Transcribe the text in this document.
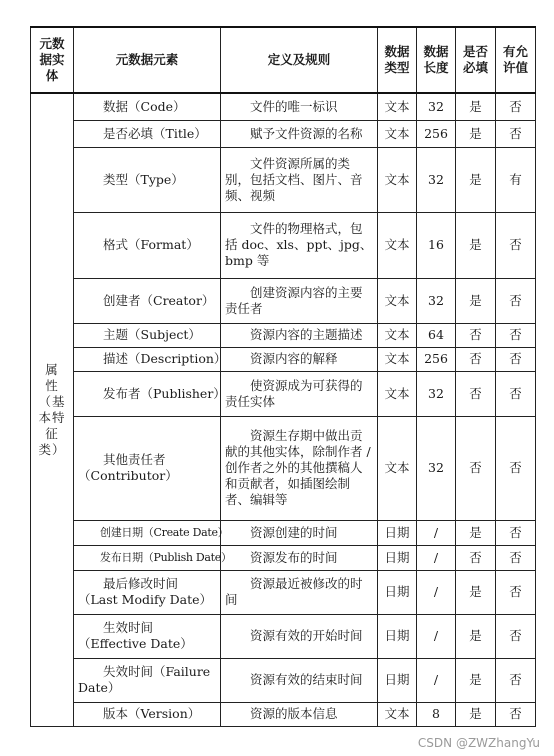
元数据实体	元数据元素	定义及规则	数据类型	数据长度	是否必填	有允许值
属 性（基本特 征类）	数据（Code）	文件的唯一标识	文本	32	是	否
	是否必填（Title）	赋予文件资源的名称	文本	256	是	否
	类型（Type）	文件资源所属的类别，包括文档、图片、音频、视频	文本	32	是	有
	格式（Format）	文件的物理格式，包括 doc、xls、ppt、jpg、bmp 等	文本	16	是	否
	创建者（Creator）	创建资源内容的主要责任者	文本	32	是	否
	主题（Subject）	资源内容的主题描述	文本	64	否	否
	描述（Description）	资源内容的解释	文本	256	否	否
	发布者（Publisher）	使资源成为可获得的责任实体	文本	32	否	否
	其他责任者（Contributor）	资源生存期中做出贡献的其他实体，除制作者 / 创作者之外的其他撰稿人和贡献者，如插图绘制者、编辑等	文本	32	否	否
	创建日期（Create Date）	资源创建的时间	日期	/	是	否
	发布日期（Publish Date）	资源发布的时间	日期	/	否	否
	最后修改时间（Last Modify Date）	资源最近被修改的时间	日期	/	是	否
	生效时间（Effective Date）	资源有效的开始时间	日期	/	是	否
	失效时间（Failure Date）	资源有效的结束时间	日期	/	是	否
	版本（Version）	资源的版本信息	文本	8	是	否
CSDN @ZWZhangYu
